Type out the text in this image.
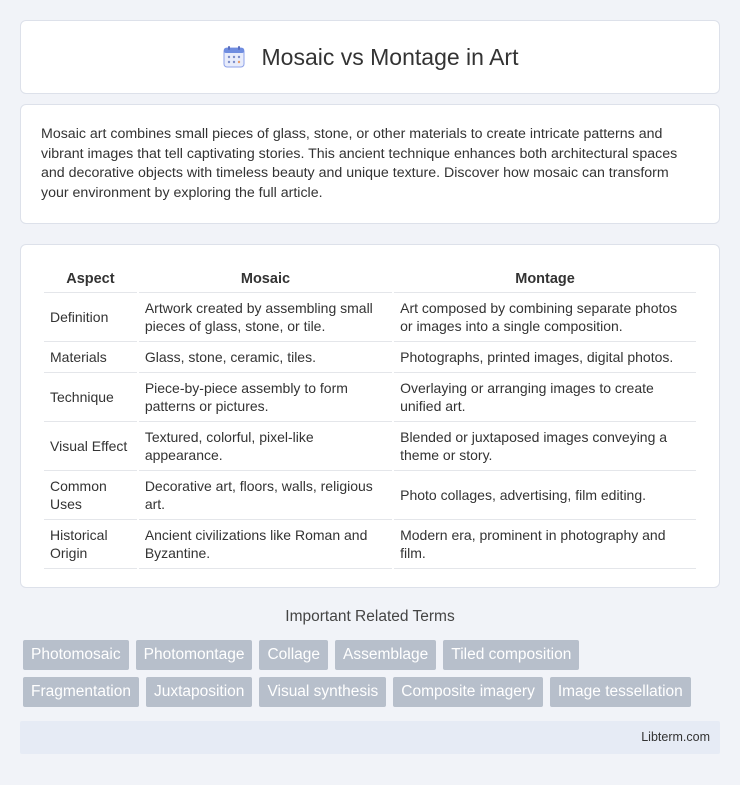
Mosaic vs Montage in Art

Mosaic art combines small pieces of glass, stone, or other materials to create intricate patterns and vibrant images that tell captivating stories. This ancient technique enhances both architectural spaces and decorative objects with timeless beauty and unique texture. Discover how mosaic can transform your environment by exploring the full article.

Aspect	Mosaic	Montage
Definition	Artwork created by assembling small pieces of glass, stone, or tile.	Art composed by combining separate photos or images into a single composition.
Materials	Glass, stone, ceramic, tiles.	Photographs, printed images, digital photos.
Technique	Piece-by-piece assembly to form patterns or pictures.	Overlaying or arranging images to create unified art.
Visual Effect	Textured, colorful, pixel-like appearance.	Blended or juxtaposed images conveying a theme or story.
Common Uses	Decorative art, floors, walls, religious art.	Photo collages, advertising, film editing.
Historical Origin	Ancient civilizations like Roman and Byzantine.	Modern era, prominent in photography and film.
Important Related Terms
Photomosaic	Photomontage	Collage	Assemblage	Tiled composition
Fragmentation	Juxtaposition	Visual synthesis	Composite imagery	Image tessellation
Libterm.com
